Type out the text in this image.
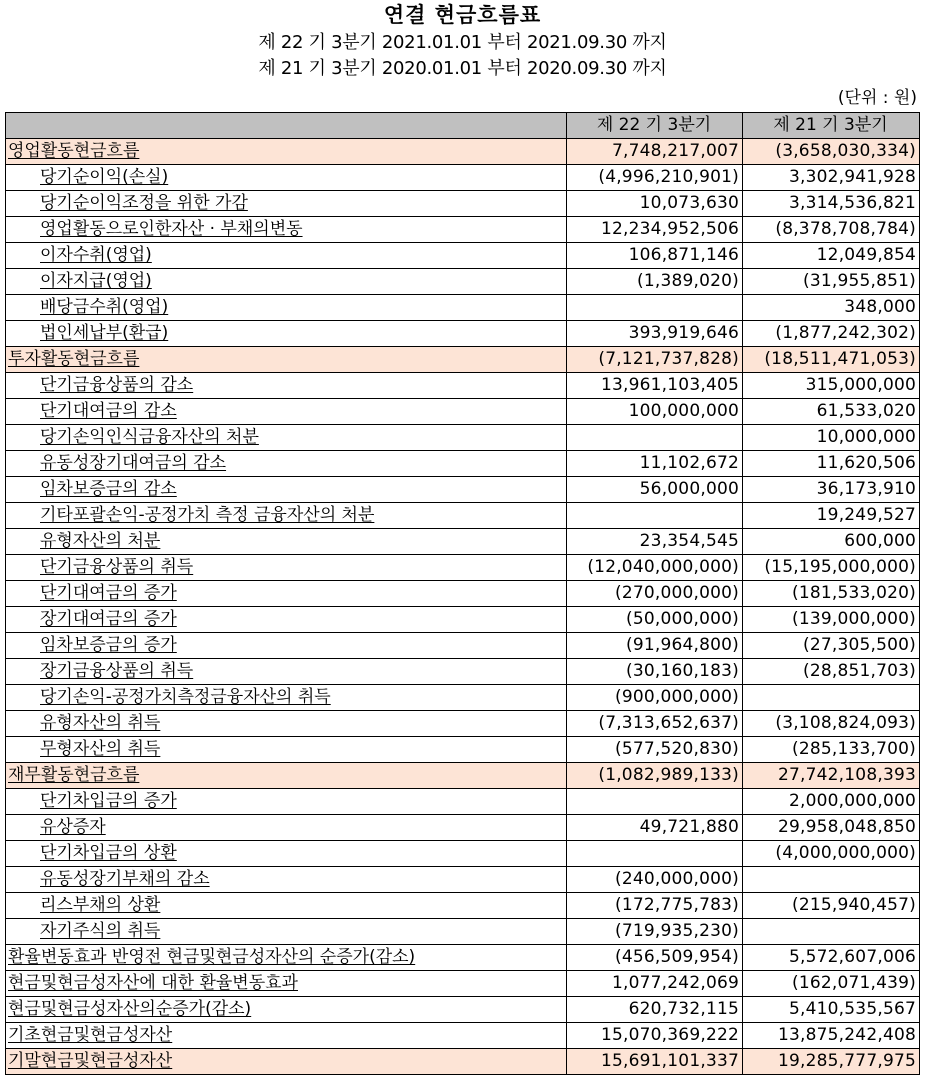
연결 현금흐름표
제 22 기 3분기 2021.01.01 부터 2021.09.30 까지
제 21 기 3분기 2020.01.01 부터 2020.09.30 까지
(단위 : 원)
	제 22 기 3분기	제 21 기 3분기
영업활동현금흐름	7,748,217,007	(3,658,030,334)
당기순이익(손실)	(4,996,210,901)	3,302,941,928
당기순이익조정을 위한 가감	10,073,630	3,314,536,821
영업활동으로인한자산 · 부채의변동	12,234,952,506	(8,378,708,784)
이자수취(영업)	106,871,146	12,049,854
이자지급(영업)	(1,389,020)	(31,955,851)
배당금수취(영업)		348,000
법인세납부(환급)	393,919,646	(1,877,242,302)
투자활동현금흐름	(7,121,737,828)	(18,511,471,053)
단기금융상품의 감소	13,961,103,405	315,000,000
단기대여금의 감소	100,000,000	61,533,020
당기손익인식금융자산의 처분		10,000,000
유동성장기대여금의 감소	11,102,672	11,620,506
임차보증금의 감소	56,000,000	36,173,910
기타포괄손익-공정가치 측정 금융자산의 처분		19,249,527
유형자산의 처분	23,354,545	600,000
단기금융상품의 취득	(12,040,000,000)	(15,195,000,000)
단기대여금의 증가	(270,000,000)	(181,533,020)
장기대여금의 증가	(50,000,000)	(139,000,000)
임차보증금의 증가	(91,964,800)	(27,305,500)
장기금융상품의 취득	(30,160,183)	(28,851,703)
당기손익-공정가치측정금융자산의 취득	(900,000,000)	
유형자산의 취득	(7,313,652,637)	(3,108,824,093)
무형자산의 취득	(577,520,830)	(285,133,700)
재무활동현금흐름	(1,082,989,133)	27,742,108,393
단기차입금의 증가		2,000,000,000
유상증자	49,721,880	29,958,048,850
단기차입금의 상환		(4,000,000,000)
유동성장기부채의 감소	(240,000,000)	
리스부채의 상환	(172,775,783)	(215,940,457)
자기주식의 취득	(719,935,230)	
환율변동효과 반영전 현금및현금성자산의 순증가(감소)	(456,509,954)	5,572,607,006
현금및현금성자산에 대한 환율변동효과	1,077,242,069	(162,071,439)
현금및현금성자산의순증가(감소)	620,732,115	5,410,535,567
기초현금및현금성자산	15,070,369,222	13,875,242,408
기말현금및현금성자산	15,691,101,337	19,285,777,975
